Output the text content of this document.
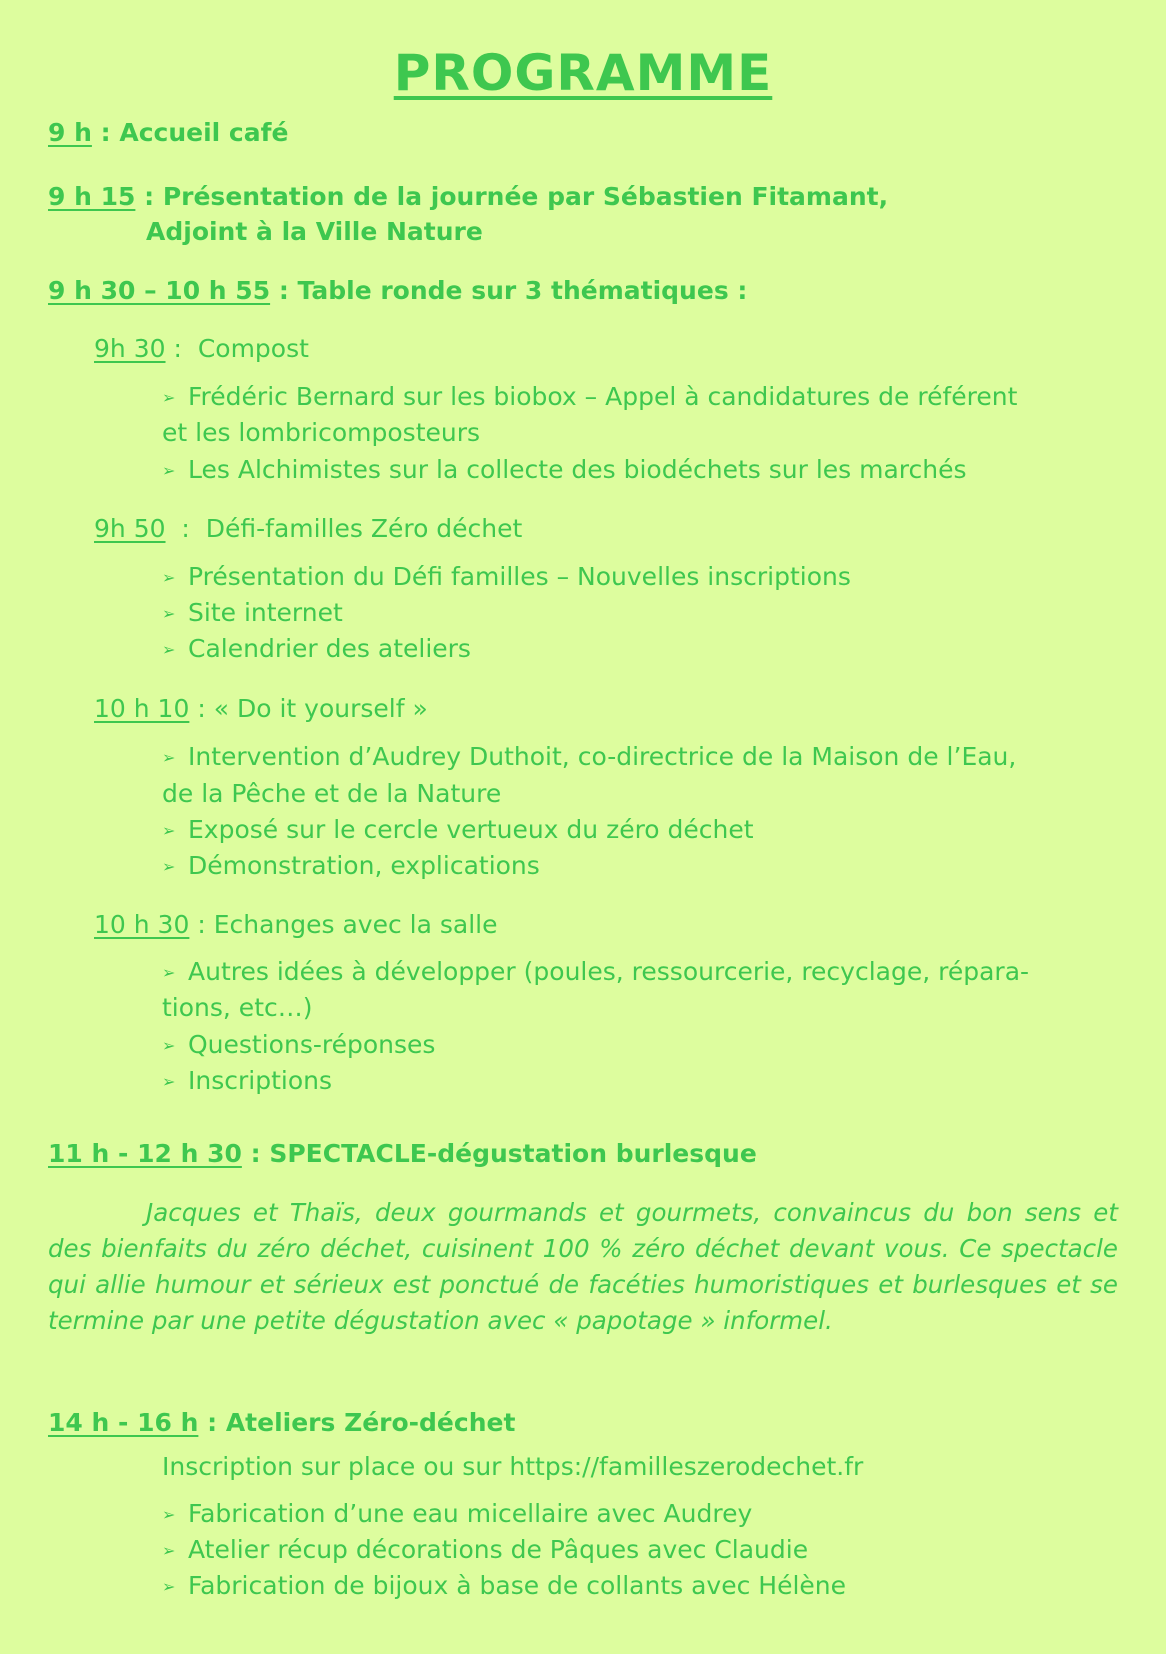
PROGRAMME
9 h : Accueil café
9 h 15 : Présentation de la journée par Sébastien Fitamant,
Adjoint à la Ville Nature
9 h 30 – 10 h 55 : Table ronde sur 3 thématiques :
9h 30 : Compost
➢ Frédéric Bernard sur les biobox – Appel à candidatures de référent
et les lombricomposteurs
➢ Les Alchimistes sur la collecte des biodéchets sur les marchés
9h 50 : Défi-familles Zéro déchet
➢ Présentation du Défi familles – Nouvelles inscriptions
➢ Site internet
➢ Calendrier des ateliers
10 h 10 : « Do it yourself »
➢ Intervention d’Audrey Duthoit, co-directrice de la Maison de l’Eau,
de la Pêche et de la Nature
➢ Exposé sur le cercle vertueux du zéro déchet
➢ Démonstration, explications
10 h 30 : Echanges avec la salle
➢ Autres idées à développer (poules, ressourcerie, recyclage, répara-
tions, etc…)
➢ Questions-réponses
➢ Inscriptions
11 h - 12 h 30 : SPECTACLE-dégustation burlesque
Jacques et Thaïs, deux gourmands et gourmets, convaincus du bon sens et des bienfaits du zéro déchet, cuisinent 100 % zéro déchet devant vous. Ce spectacle qui allie humour et sérieux est ponctué de facéties humoristiques et burlesques et se termine par une petite dégustation avec « papotage » informel.
14 h - 16 h : Ateliers Zéro-déchet
Inscription sur place ou sur https://familleszerodechet.fr
➢ Fabrication d’une eau micellaire avec Audrey
➢ Atelier récup décorations de Pâques avec Claudie
➢ Fabrication de bijoux à base de collants avec Hélène
